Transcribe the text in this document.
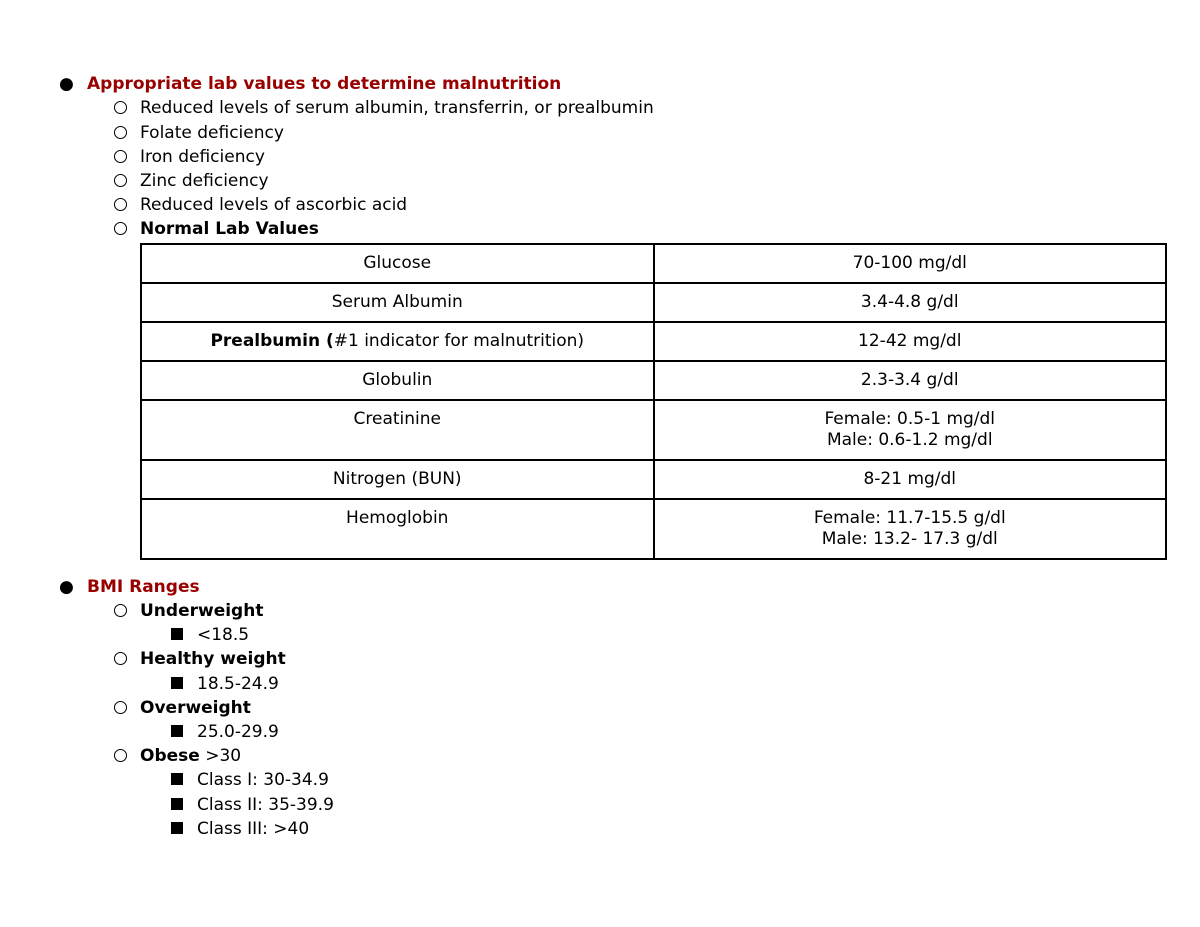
● Appropriate lab values to determine malnutrition
Reduced levels of serum albumin, transferrin, or prealbumin
Folate deficiency
Iron deficiency
Zinc deficiency
Reduced levels of ascorbic acid
Normal Lab Values
Glucose	70-100 mg/dl

Serum Albumin	3.4-4.8 g/dl

Prealbumin (#1 indicator for malnutrition)	12-42 mg/dl

Globulin	2.3-3.4 g/dl

Creatinine	Female: 0.5-1 mg/dl
Male: 0.6-1.2 mg/dl

Nitrogen (BUN)	8-21 mg/dl

Hemoglobin	Female: 11.7-15.5 g/dl
Male: 13.2- 17.3 g/dl
● BMI Ranges
Underweight
<18.5
Healthy weight
18.5-24.9
Overweight
25.0-29.9
Obese >30
Class I: 30-34.9
Class II: 35-39.9
Class III: >40
